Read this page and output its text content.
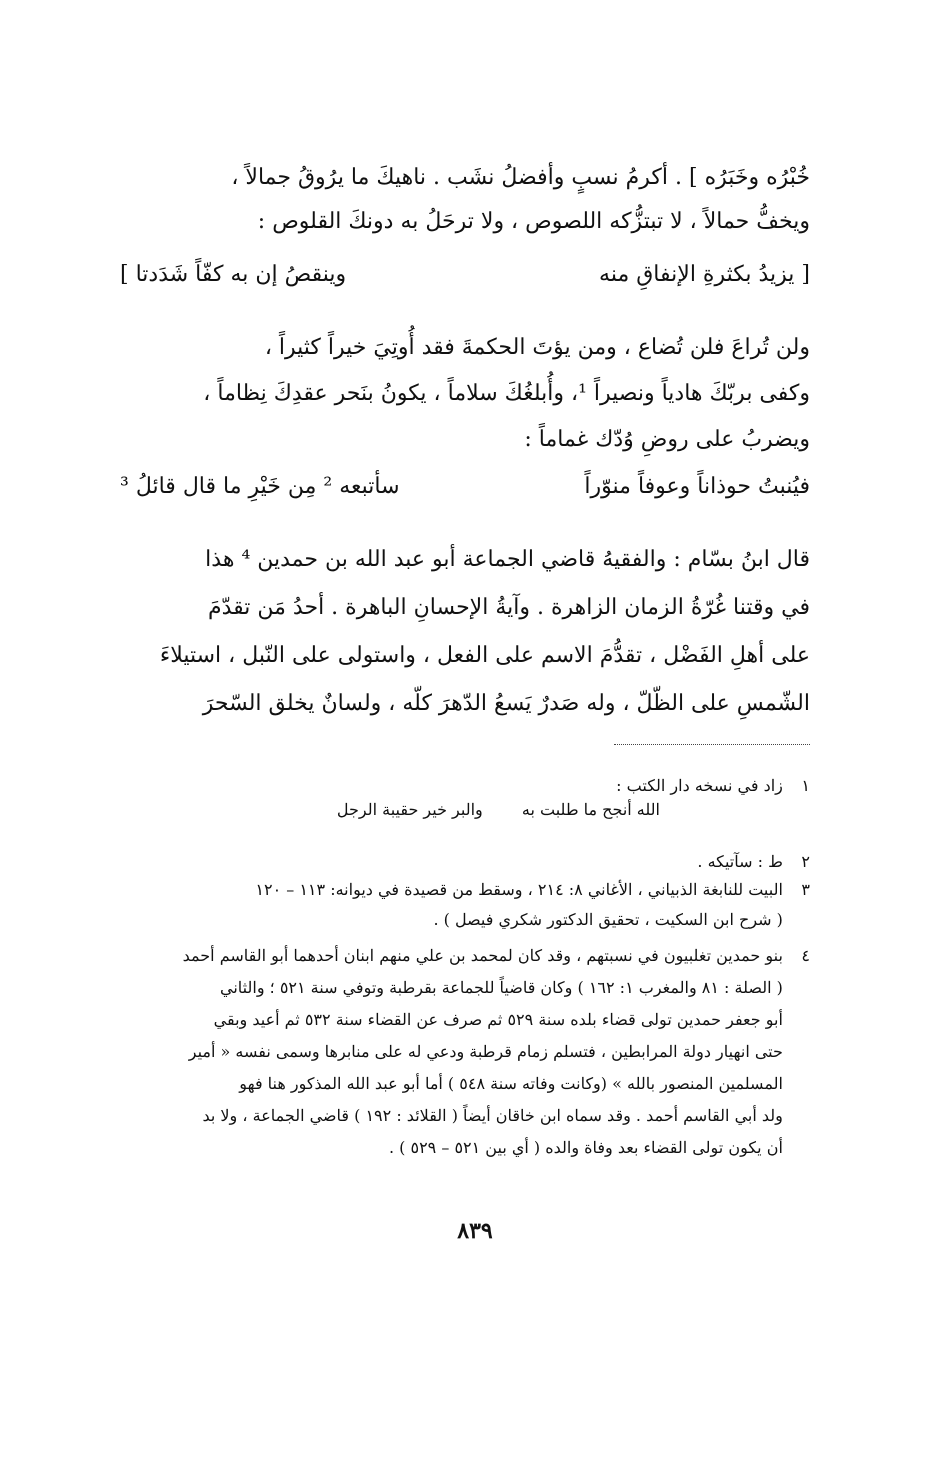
خُبْرُه وخَبَرُه ] . أكرمُ نسبٍ وأفضلُ نشَب . ناهيكَ ما يرُوقُ جمالاً ،
ويخفُّ حمالاً ، لا تبتزُّكه اللصوص ، ولا ترحَلُ به دونكَ القلوص :
[ يزيدُ بكثرةِ الإنفاقِ منه
وينقصُ إن به كفّاً شَدَدتا ]
ولن تُراعَ فلن تُضاع ، ومن يؤتَ الحكمةَ فقد أُوتِيَ خيراً كثيراً ،
وكفى بربّكَ هادياً ونصيراً ¹، وأُبلغُكَ سلاماً ، يكونُ بنَحر عقدِكَ نِظاماً ،
ويضربُ على روضِ وُدّك غماماً :
فيُنبتُ حوذاناً وعوفاً منوّراً
سأتبعه ² مِن خَيْرِ ما قال قائلُ ³
قال ابنُ بسّام : والفقيهُ قاضي الجماعة أبو عبد الله بن حمدين ⁴ هذا
في وقتنا غُرّةُ الزمان الزاهرة . وآيةُ الإحسانِ الباهرة . أحدُ مَن تقدّمَ
على أهلِ الفَضْل ، تقدُّمَ الاسم على الفعل ، واستولى على النّبل ، استيلاءَ
الشّمسِ على الظّلّ ، وله صَدرٌ يَسعُ الدّهرَ كلّه ، ولسانٌ يخلق السّحرَ
١ زاد في نسخه دار الكتب :
الله أنجح ما طلبت به والبر خير حقيبة الرجل
٢ ط : سآتيكه .
٣ البيت للنابغة الذبياني ، الأغاني ٨: ٢١٤ ، وسقط من قصيدة في ديوانه: ١١٣ – ١٢٠
( شرح ابن السكيت ، تحقيق الدكتور شكري فيصل ) .
٤ بنو حمدين تغلبيون في نسبتهم ، وقد كان لمحمد بن علي منهم ابنان أحدهما أبو القاسم أحمد
( الصلة : ٨١ والمغرب ١: ١٦٢ ) وكان قاضياً للجماعة بقرطبة وتوفي سنة ٥٢١ ؛ والثاني
أبو جعفر حمدين تولى قضاء بلده سنة ٥٢٩ ثم صرف عن القضاء سنة ٥٣٢ ثم أعيد وبقي
حتى انهيار دولة المرابطين ، فتسلم زمام قرطبة ودعي له على منابرها وسمى نفسه « أمير
المسلمين المنصور بالله » (وكانت وفاته سنة ٥٤٨ ) أما أبو عبد الله المذكور هنا فهو
ولد أبي القاسم أحمد . وقد سماه ابن خاقان أيضاً ( القلائد : ١٩٢ ) قاضي الجماعة ، ولا بد
أن يكون تولى القضاء بعد وفاة والده ( أي بين ٥٢١ – ٥٢٩ ) .
٨٣٩
